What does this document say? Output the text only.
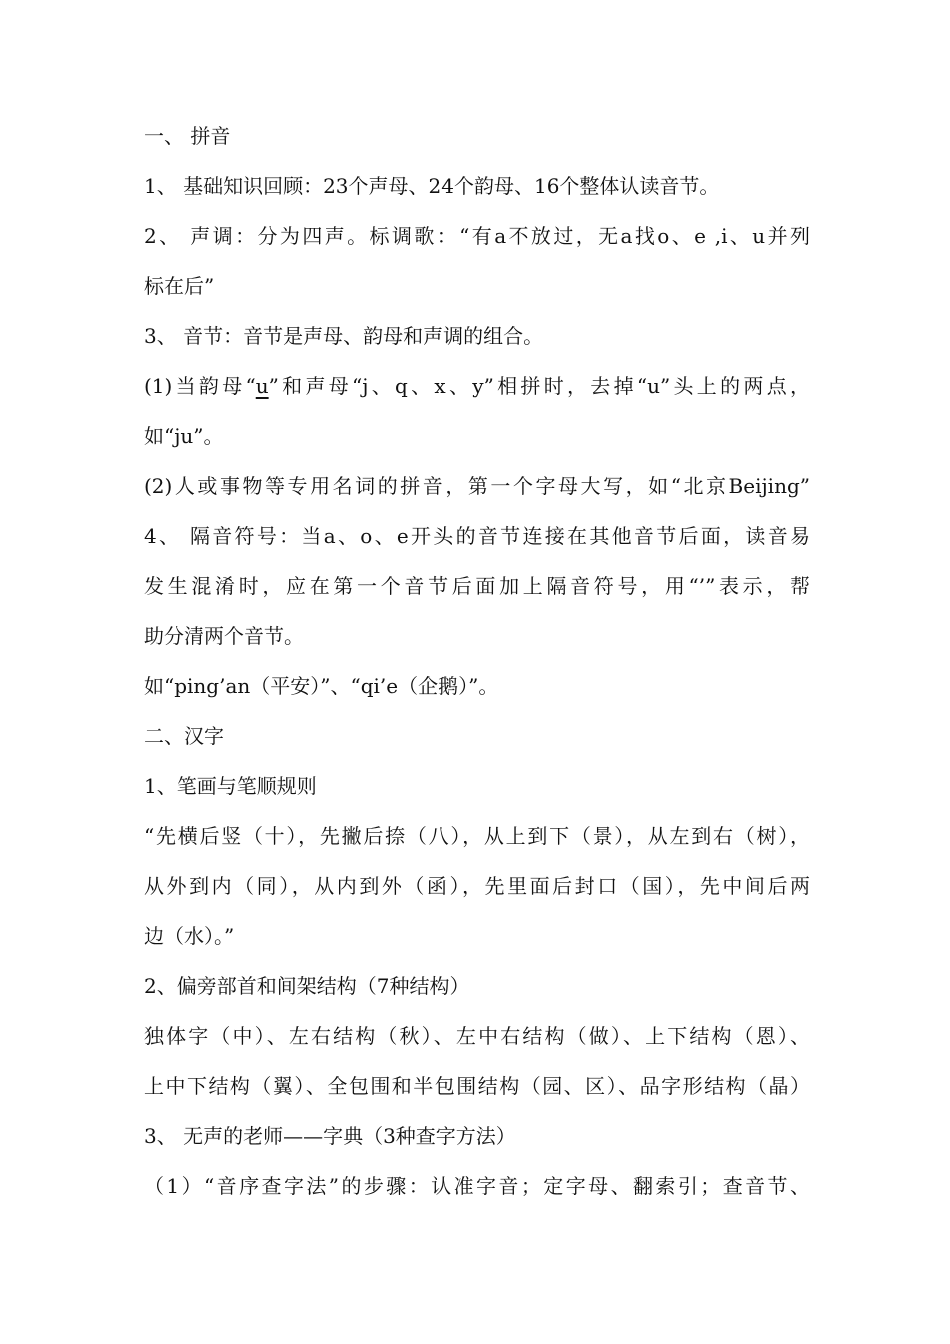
一、 拼音

1、 基础知识回顾：23个声母、24个韵母、16个整体认读音节。

2、 声调：分为四声。标调歌：“有a不放过，无a找o、e ,i、u并列

标在后”

3、 音节：音节是声母、韵母和声调的组合。

(1)当韵母“u”和声母“j、q、x、y”相拼时，去掉“u”头上的两点，

如“ju”。

(2)人或事物等专用名词的拼音，第一个字母大写，如“北京Beijing”

4、 隔音符号：当a、o、e开头的音节连接在其他音节后面，读音易

发生混淆时，应在第一个音节后面加上隔音符号，用“’”表示，帮

助分清两个音节。

如“ping’an（平安）”、“qi’e（企鹅）”。

二、汉字

1、笔画与笔顺规则

“先横后竖（十），先撇后捺（八），从上到下（景），从左到右（树），

从外到内（同），从内到外（函），先里面后封口（国），先中间后两

边（水）。”

2、偏旁部首和间架结构（7种结构）

独体字（中）、左右结构（秋）、左中右结构（做）、上下结构（恩）、

上中下结构（翼）、全包围和半包围结构（园、区）、品字形结构（晶）

3、 无声的老师——字典（3种查字方法）

（1）“音序查字法”的步骤：认准字音；定字母、翻索引；查音节、
